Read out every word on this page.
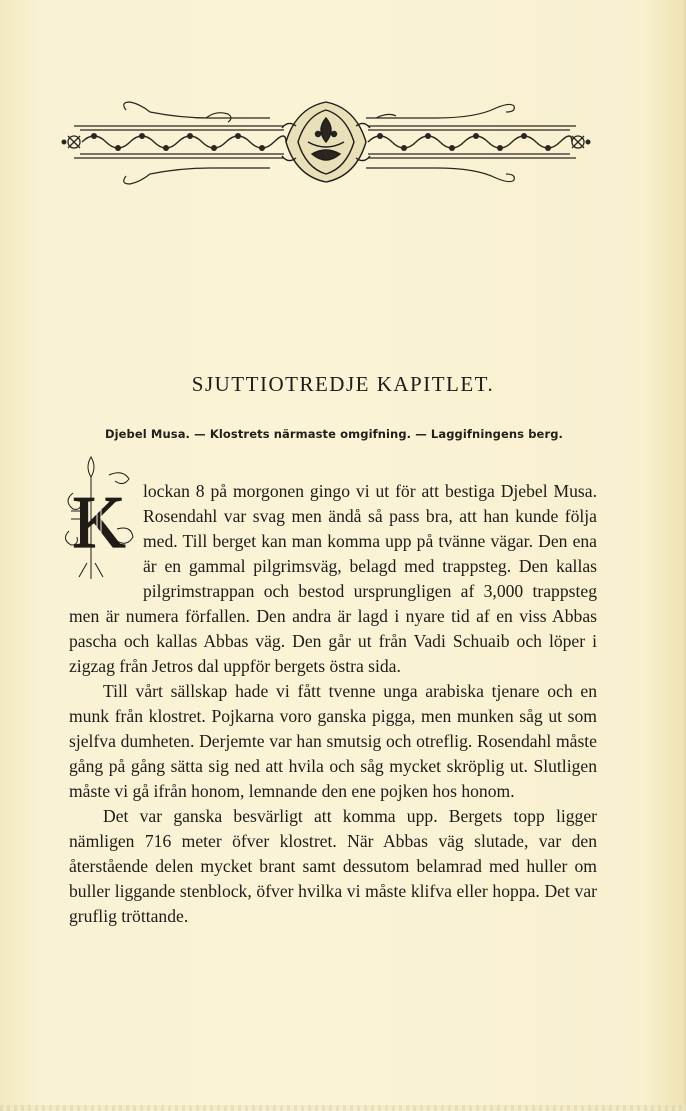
SJUTTIOTREDJE KAPITLET.
Djebel Musa. — Klostrets närmaste omgifning. — Laggifningens berg.
K lockan 8 på morgonen gingo vi ut för att bestiga Djebel Musa. Rosendahl var svag men ändå så pass bra, att han kunde följa med. Till berget kan man komma upp på tvänne vägar. Den ena är en gammal pilgrimsväg, belagd med trappsteg. Den kallas pilgrimstrappan och bestod ursprungligen af 3,000 trappsteg men är numera förfallen. Den andra är lagd i nyare tid af en viss Abbas pascha och kallas Abbas väg. Den går ut från Vadi Schuaib och löper i zigzag från Jetros dal uppför bergets östra sida.

Till vårt sällskap hade vi fått tvenne unga arabiska tjenare och en munk från klostret. Pojkarna voro ganska pigga, men munken såg ut som sjelfva dumheten. Derjemte var han smutsig och otreflig. Rosendahl måste gång på gång sätta sig ned att hvila och såg mycket skröplig ut. Slutligen måste vi gå ifrån honom, lemnande den ene pojken hos honom.

Det var ganska besvärligt att komma upp. Bergets topp ligger nämligen 716 meter öfver klostret. När Abbas väg slutade, var den återstående delen mycket brant samt dessutom belamrad med huller om buller liggande stenblock, öfver hvilka vi måste klifva eller hoppa. Det var gruflig tröttande.
